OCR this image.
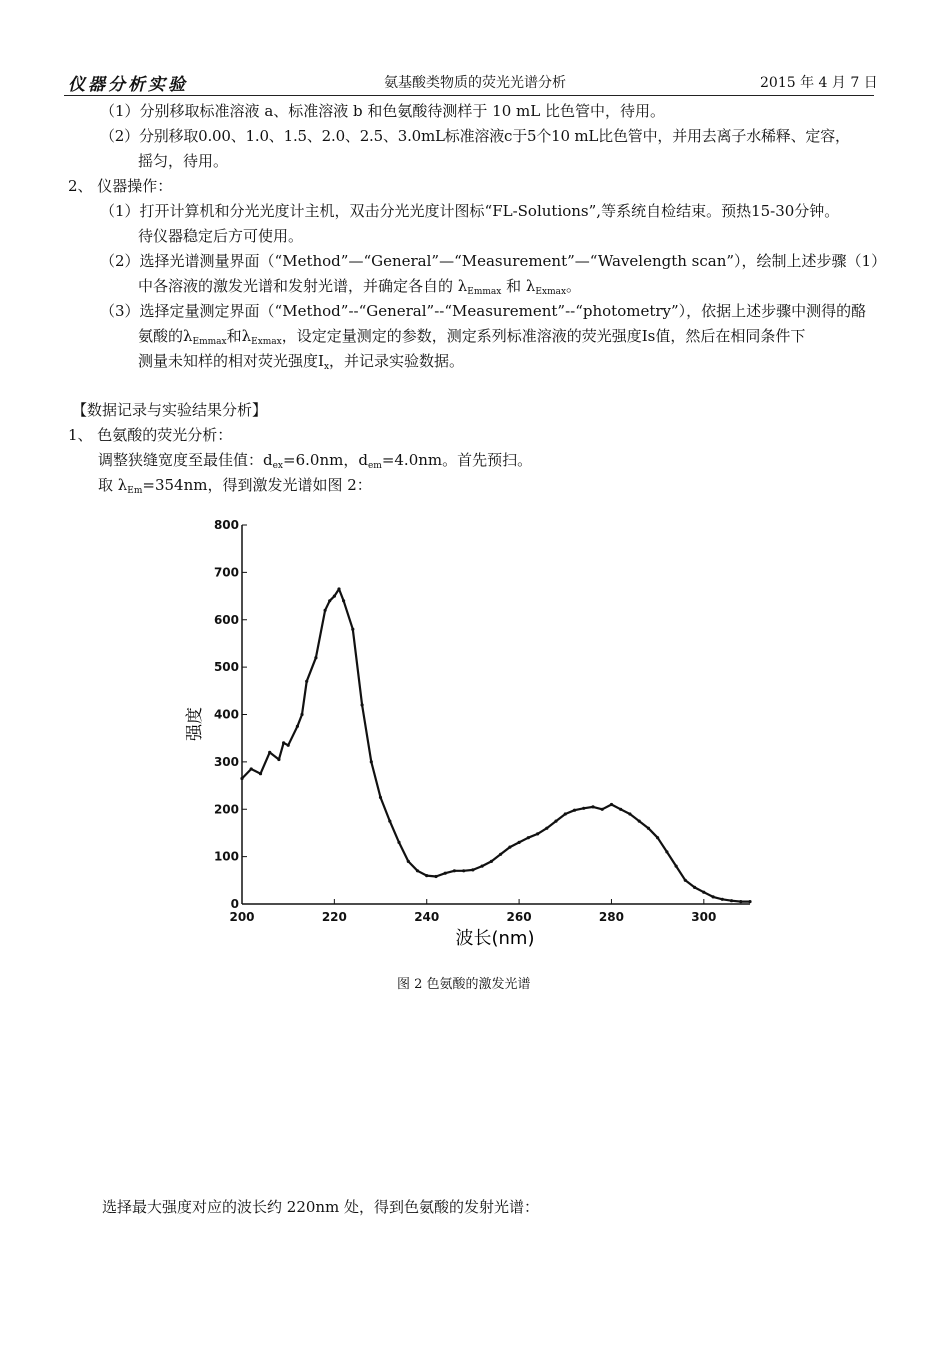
仪器分析实验	氨基酸类物质的荧光光谱分析	2015 年 4 月 7 日
（1）分别移取标准溶液 a、标准溶液 b 和色氨酸待测样于 10 mL 比色管中，待用。
（2）分别移取0.00、1.0、1.5、2.0、2.5、3.0mL标准溶液c于5个10 mL比色管中，并用去离子水稀释、定容，
摇匀，待用。
2、 仪器操作：
（1）打开计算机和分光光度计主机，双击分光光度计图标“FL-Solutions”,等系统自检结束。预热15-30分钟。
待仪器稳定后方可使用。
（2）选择光谱测量界面（“Method”—“General”—“Measurement”—“Wavelength scan”），绘制上述步骤（1）
中各溶液的激发光谱和发射光谱，并确定各自的 $\lambda_{Emmax}$ 和 $\lambda_{Exmax}$。
（3）选择定量测定界面（“Method”--“General”--“Measurement”--“photometry”），依据上述步骤中测得的酪
氨酸的$\lambda_{Emmax}$和$\lambda_{Exmax}$，设定定量测定的参数，测定系列标准溶液的荧光强度Is值，然后在相同条件下
测量未知样的相对荧光强度$I_x$，并记录实验数据。
【数据记录与实验结果分析】
1、 色氨酸的荧光分析：
调整狭缝宽度至最佳值：$d_{ex}=6.0nm$，$d_{em}=4.0nm$。首先预扫。
取 $\lambda_{Em}=354nm$，得到激发光谱如图 2：
0
100
200
300
400
500
600
700
800
200	220	240	260	280	300
强度
波长(nm)
图 2 色氨酸的激发光谱
选择最大强度对应的波长约 220nm 处，得到色氨酸的发射光谱：
